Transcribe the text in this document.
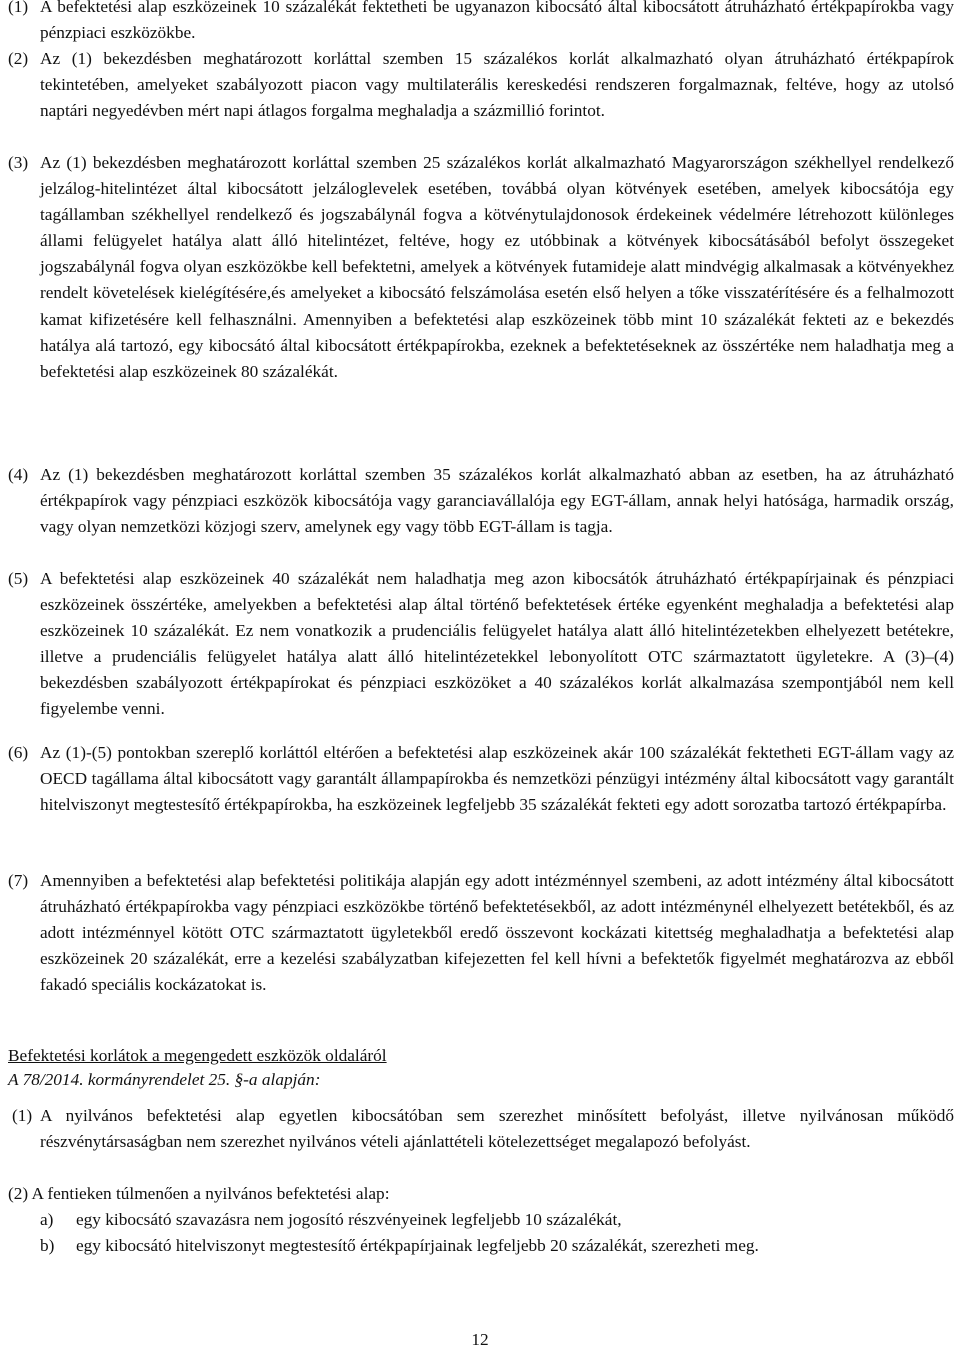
(1) A befektetési alap eszközeinek 10 százalékát fektetheti be ugyanazon kibocsátó által kibocsátott átruházható értékpapírokba vagy pénzpiaci eszközökbe.
(2) Az (1) bekezdésben meghatározott korláttal szemben 15 százalékos korlát alkalmazható olyan átruházható értékpapírok tekintetében, amelyeket szabályozott piacon vagy multilaterális kereskedési rendszeren forgalmaznak, feltéve, hogy az utolsó naptári negyedévben mért napi átlagos forgalma meghaladja a százmillió forintot.
(3) Az (1) bekezdésben meghatározott korláttal szemben 25 százalékos korlát alkalmazható Magyarországon székhellyel rendelkező jelzálog-hitelintézet által kibocsátott jelzáloglevelek esetében, továbbá olyan kötvények esetében, amelyek kibocsátója egy tagállamban székhellyel rendelkező és jogszabálynál fogva a kötvénytulajdonosok érdekeinek védelmére létrehozott különleges állami felügyelet hatálya alatt álló hitelintézet, feltéve, hogy ez utóbbinak a kötvények kibocsátásából befolyt összegeket jogszabálynál fogva olyan eszközökbe kell befektetni, amelyek a kötvények futamideje alatt mindvégig alkalmasak a kötvényekhez rendelt követelések kielégítésére,és amelyeket a kibocsátó felszámolása esetén első helyen a tőke visszatérítésére és a felhalmozott kamat kifizetésére kell felhasználni. Amennyiben a befektetési alap eszközeinek több mint 10 százalékát fekteti az e bekezdés hatálya alá tartozó, egy kibocsátó által kibocsátott értékpapírokba, ezeknek a befektetéseknek az összértéke nem haladhatja meg a befektetési alap eszközeinek 80 százalékát.
(4) Az (1) bekezdésben meghatározott korláttal szemben 35 százalékos korlát alkalmazható abban az esetben, ha az átruházható értékpapírok vagy pénzpiaci eszközök kibocsátója vagy garanciavállalója egy EGT-állam, annak helyi hatósága, harmadik ország, vagy olyan nemzetközi közjogi szerv, amelynek egy vagy több EGT-állam is tagja.
(5) A befektetési alap eszközeinek 40 százalékát nem haladhatja meg azon kibocsátók átruházható értékpapírjainak és pénzpiaci eszközeinek összértéke, amelyekben a befektetési alap által történő befektetések értéke egyenként meghaladja a befektetési alap eszközeinek 10 százalékát. Ez nem vonatkozik a prudenciális felügyelet hatálya alatt álló hitelintézetekben elhelyezett betétekre, illetve a prudenciális felügyelet hatálya alatt álló hitelintézetekkel lebonyolított OTC származtatott ügyletekre. A (3)–(4) bekezdésben szabályozott értékpapírokat és pénzpiaci eszközöket a 40 százalékos korlát alkalmazása szempontjából nem kell figyelembe venni.
(6) Az (1)-(5) pontokban szereplő korláttól eltérően a befektetési alap eszközeinek akár 100 százalékát fektetheti EGT-állam vagy az OECD tagállama által kibocsátott vagy garantált állampapírokba és nemzetközi pénzügyi intézmény által kibocsátott vagy garantált hitelviszonyt megtestesítő értékpapírokba, ha eszközeinek legfeljebb 35 százalékát fekteti egy adott sorozatba tartozó értékpapírba.
(7) Amennyiben a befektetési alap befektetési politikája alapján egy adott intézménnyel szembeni, az adott intézmény által kibocsátott átruházható értékpapírokba vagy pénzpiaci eszközökbe történő befektetésekből, az adott intézménynél elhelyezett betétekből, és az adott intézménnyel kötött OTC származtatott ügyletekből eredő összevont kockázati kitettség meghaladhatja a befektetési alap eszközeinek 20 százalékát, erre a kezelési szabályzatban kifejezetten fel kell hívni a befektetők figyelmét meghatározva az ebből fakadó speciális kockázatokat is.
Befektetési korlátok a megengedett eszközök oldaláról
A 78/2014. kormányrendelet 25. §-a alapján:
(1) A nyilvános befektetési alap egyetlen kibocsátóban sem szerezhet minősített befolyást, illetve nyilvánosan működő részvénytársaságban nem szerezhet nyilvános vételi ajánlattételi kötelezettséget megalapozó befolyást.
(2) A fentieken túlmenően a nyilvános befektetési alap:
a) egy kibocsátó szavazásra nem jogosító részvényeinek legfeljebb 10 százalékát,
b) egy kibocsátó hitelviszonyt megtestesítő értékpapírjainak legfeljebb 20 százalékát, szerezheti meg.
12
